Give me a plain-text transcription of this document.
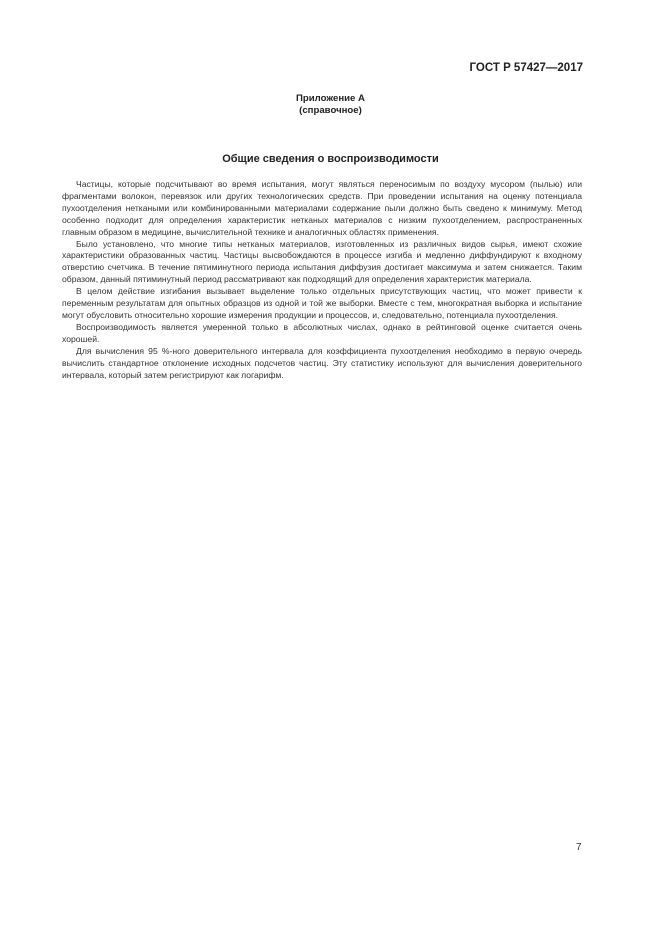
ГОСТ Р 57427—2017
Приложение А
(справочное)
Общие сведения о воспроизводимости

Частицы, которые подсчитывают во время испытания, могут являться переносимым по воздуху мусором (пылью) или фрагментами волокон, перевязок или других технологических средств. При проведении испытания на оценку потенциала пухоотделения неткаными или комбинированными материалами содержание пыли должно быть сведено к минимуму. Метод особенно подходит для определения характеристик нетканых материалов с низким пухоотделением, распространенных главным образом в медицине, вычислительной технике и аналогичных областях применения.

Было установлено, что многие типы нетканых материалов, изготовленных из различных видов сырья, имеют схожие характеристики образованных частиц. Частицы высвобождаются в процессе изгиба и медленно диффундируют к входному отверстию счетчика. В течение пятиминутного периода испытания диффузия достигает максимума и затем снижается. Таким образом, данный пятиминутный период рассматривают как подходящий для определения характеристик материала.

В целом действие изгибания вызывает выделение только отдельных присутствующих частиц, что может привести к переменным результатам для опытных образцов из одной и той же выборки. Вместе с тем, многократная выборка и испытание могут обусловить относительно хорошие измерения продукции и процессов, и, следовательно, потенциала пухоотделения.

Воспроизводимость является умеренной только в абсолютных числах, однако в рейтинговой оценке считается очень хорошей.

Для вычисления 95 %-ного доверительного интервала для коэффициента пухоотделения необходимо в первую очередь вычислить стандартное отклонение исходных подсчетов частиц. Эту статистику используют для вычисления доверительного интервала, который затем регистрируют как логарифм.

7
